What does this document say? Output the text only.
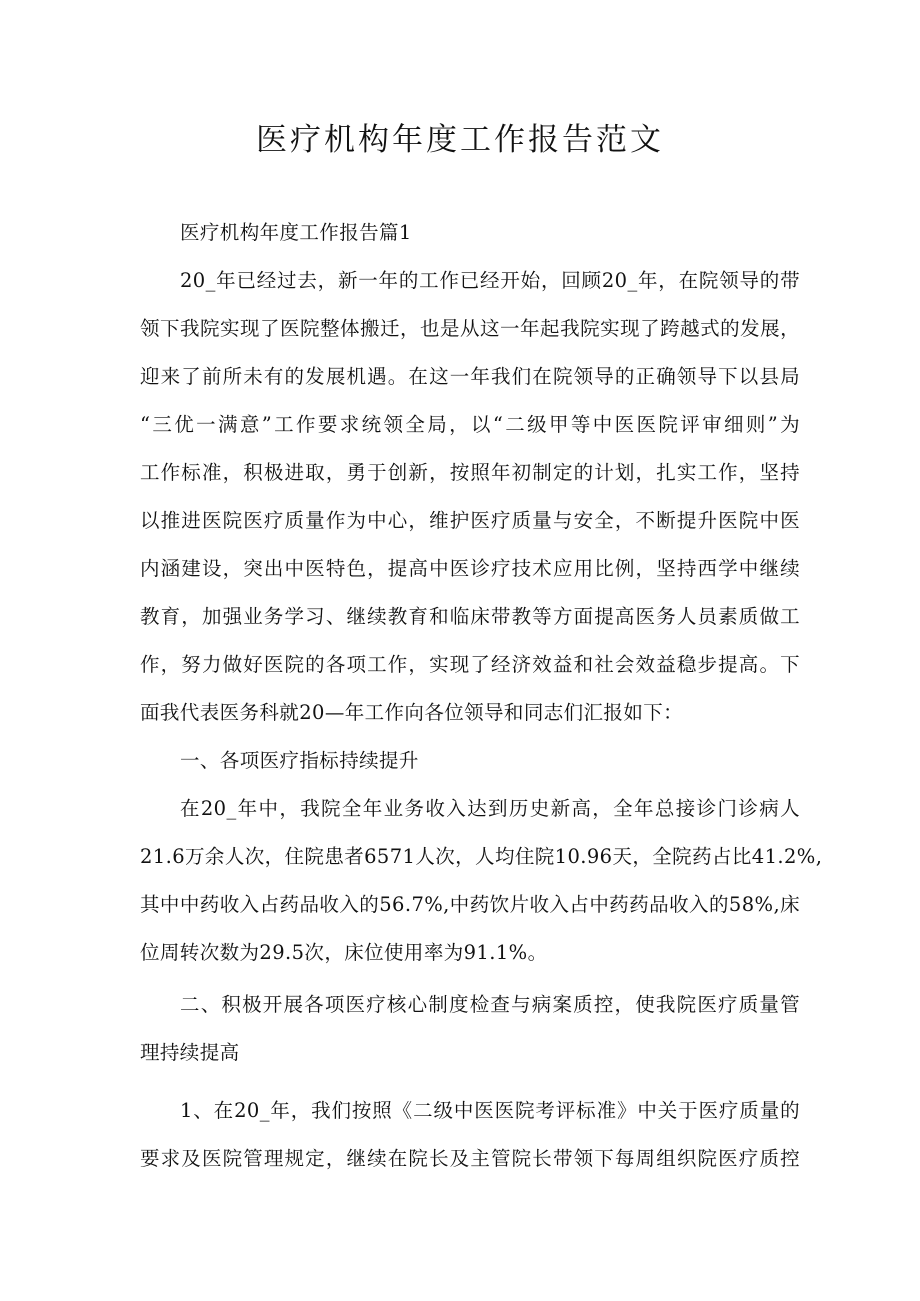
医疗机构年度工作报告范文
医疗机构年度工作报告篇1
20_年已经过去，新一年的工作已经开始，回顾20_年，在院领导的带
领下我院实现了医院整体搬迁，也是从这一年起我院实现了跨越式的发展，
迎来了前所未有的发展机遇。在这一年我们在院领导的正确领导下以县局
“三优一满意”工作要求统领全局，以“二级甲等中医医院评审细则”为
工作标准，积极进取，勇于创新，按照年初制定的计划，扎实工作，坚持
以推进医院医疗质量作为中心，维护医疗质量与安全，不断提升医院中医
内涵建设，突出中医特色，提高中医诊疗技术应用比例，坚持西学中继续
教育，加强业务学习、继续教育和临床带教等方面提高医务人员素质做工
作，努力做好医院的各项工作，实现了经济效益和社会效益稳步提高。下
面我代表医务科就20—年工作向各位领导和同志们汇报如下：
一、各项医疗指标持续提升
在20_年中，我院全年业务收入达到历史新高，全年总接诊门诊病人
21.6万余人次，住院患者6571人次，人均住院10.96天，全院药占比41.2%,
其中中药收入占药品收入的56.7%,中药饮片收入占中药药品收入的58%,床
位周转次数为29.5次，床位使用率为91.1%。
二、积极开展各项医疗核心制度检查与病案质控，使我院医疗质量管
理持续提高
1、在20_年，我们按照《二级中医医院考评标准》中关于医疗质量的
要求及医院管理规定，继续在院长及主管院长带领下每周组织院医疗质控
